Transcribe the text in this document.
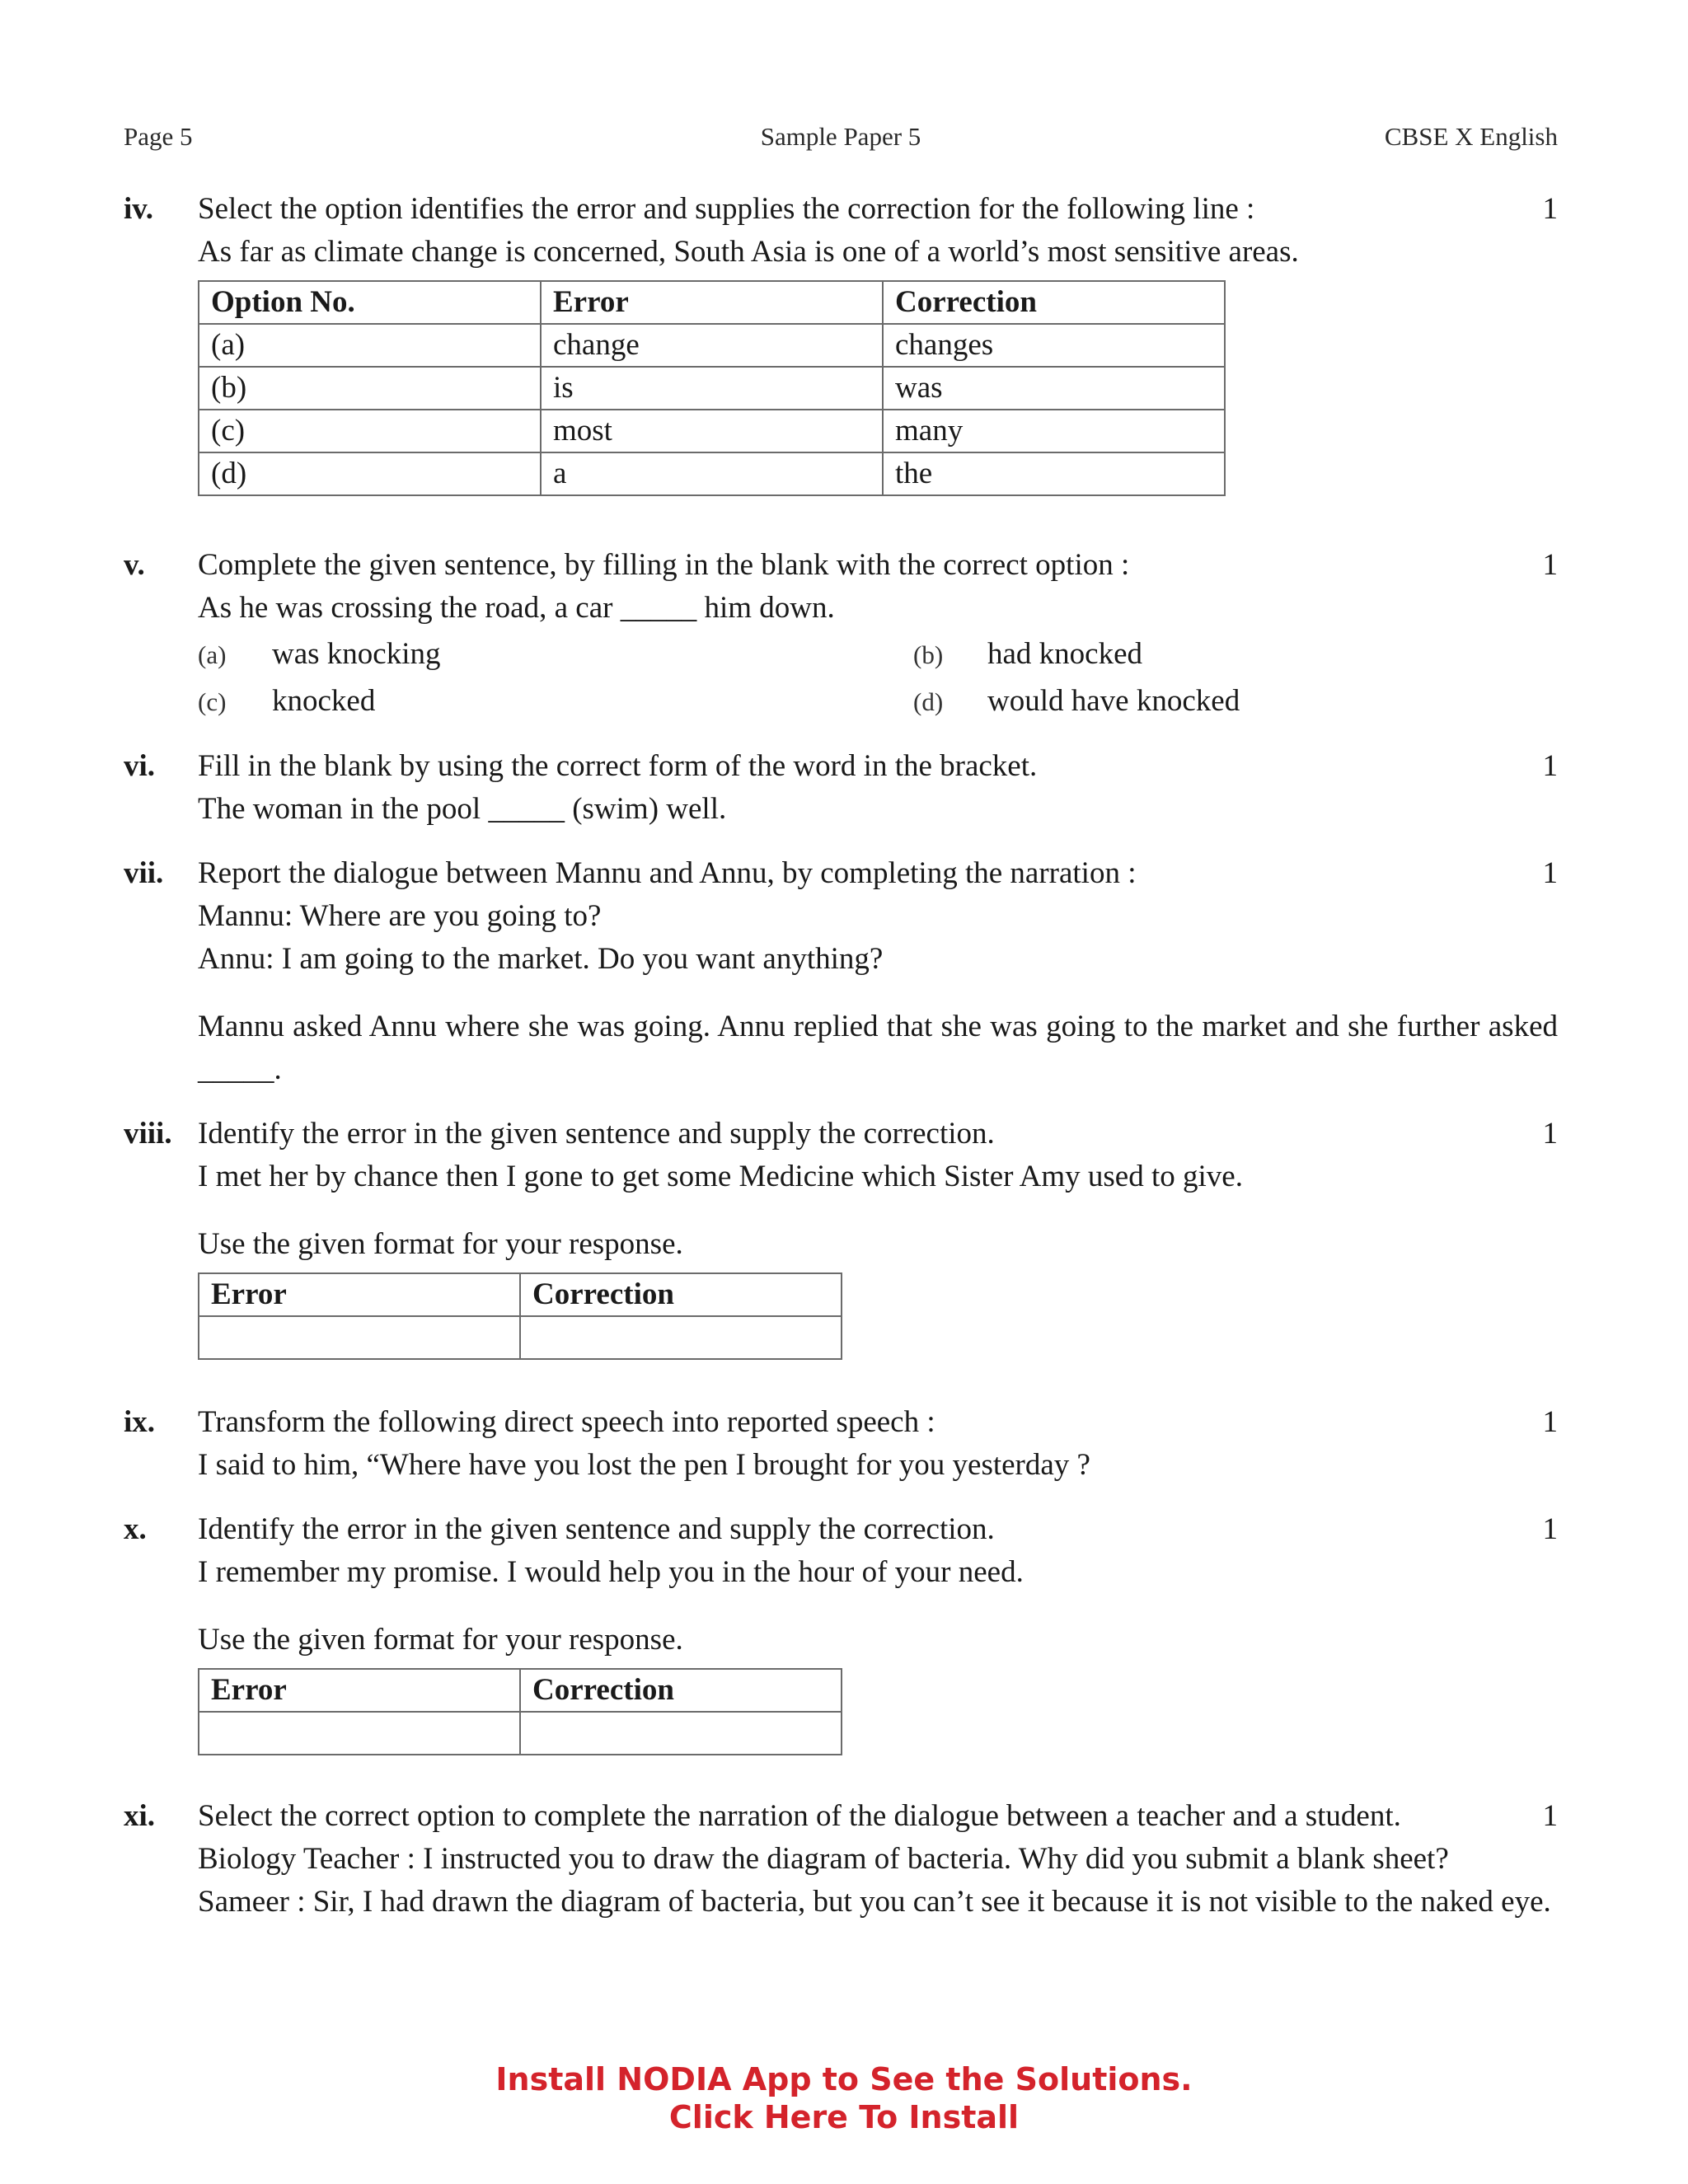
Page 5	Sample Paper 5	CBSE X English
iv.	1
Select the option identifies the error and supplies the correction for the following line :
As far as climate change is concerned, South Asia is one of a world’s most sensitive areas.
Option No.	Error	Correction
(a)	change	changes
(b)	is	was
(c)	most	many
(d)	a	the
v.	1
Complete the given sentence, by filling in the blank with the correct option :
As he was crossing the road, a car _____ him down.
(a) was knocking	(b) had knocked
(c) knocked	(d) would have knocked
vi.	1
Fill in the blank by using the correct form of the word in the bracket.
The woman in the pool _____ (swim) well.
vii.	1
Report the dialogue between Mannu and Annu, by completing the narration :
Mannu: Where are you going to?
Annu: I am going to the market. Do you want anything?
Mannu asked Annu where she was going. Annu replied that she was going to the market and she further asked _____.
viii.	1
Identify the error in the given sentence and supply the correction.
I met her by chance then I gone to get some Medicine which Sister Amy used to give.
Use the given format for your response.
Error	Correction

ix.	1
Transform the following direct speech into reported speech :
I said to him, “Where have you lost the pen I brought for you yesterday ?
x.	1
Identify the error in the given sentence and supply the correction.
I remember my promise. I would help you in the hour of your need.
Use the given format for your response.
Error	Correction

xi.	1
Select the correct option to complete the narration of the dialogue between a teacher and a student.
Biology Teacher : I instructed you to draw the diagram of bacteria. Why did you submit a blank sheet?
Sameer : Sir, I had drawn the diagram of bacteria, but you can’t see it because it is not visible to the naked eye.
Install NODIA App to See the Solutions.
Click Here To Install
